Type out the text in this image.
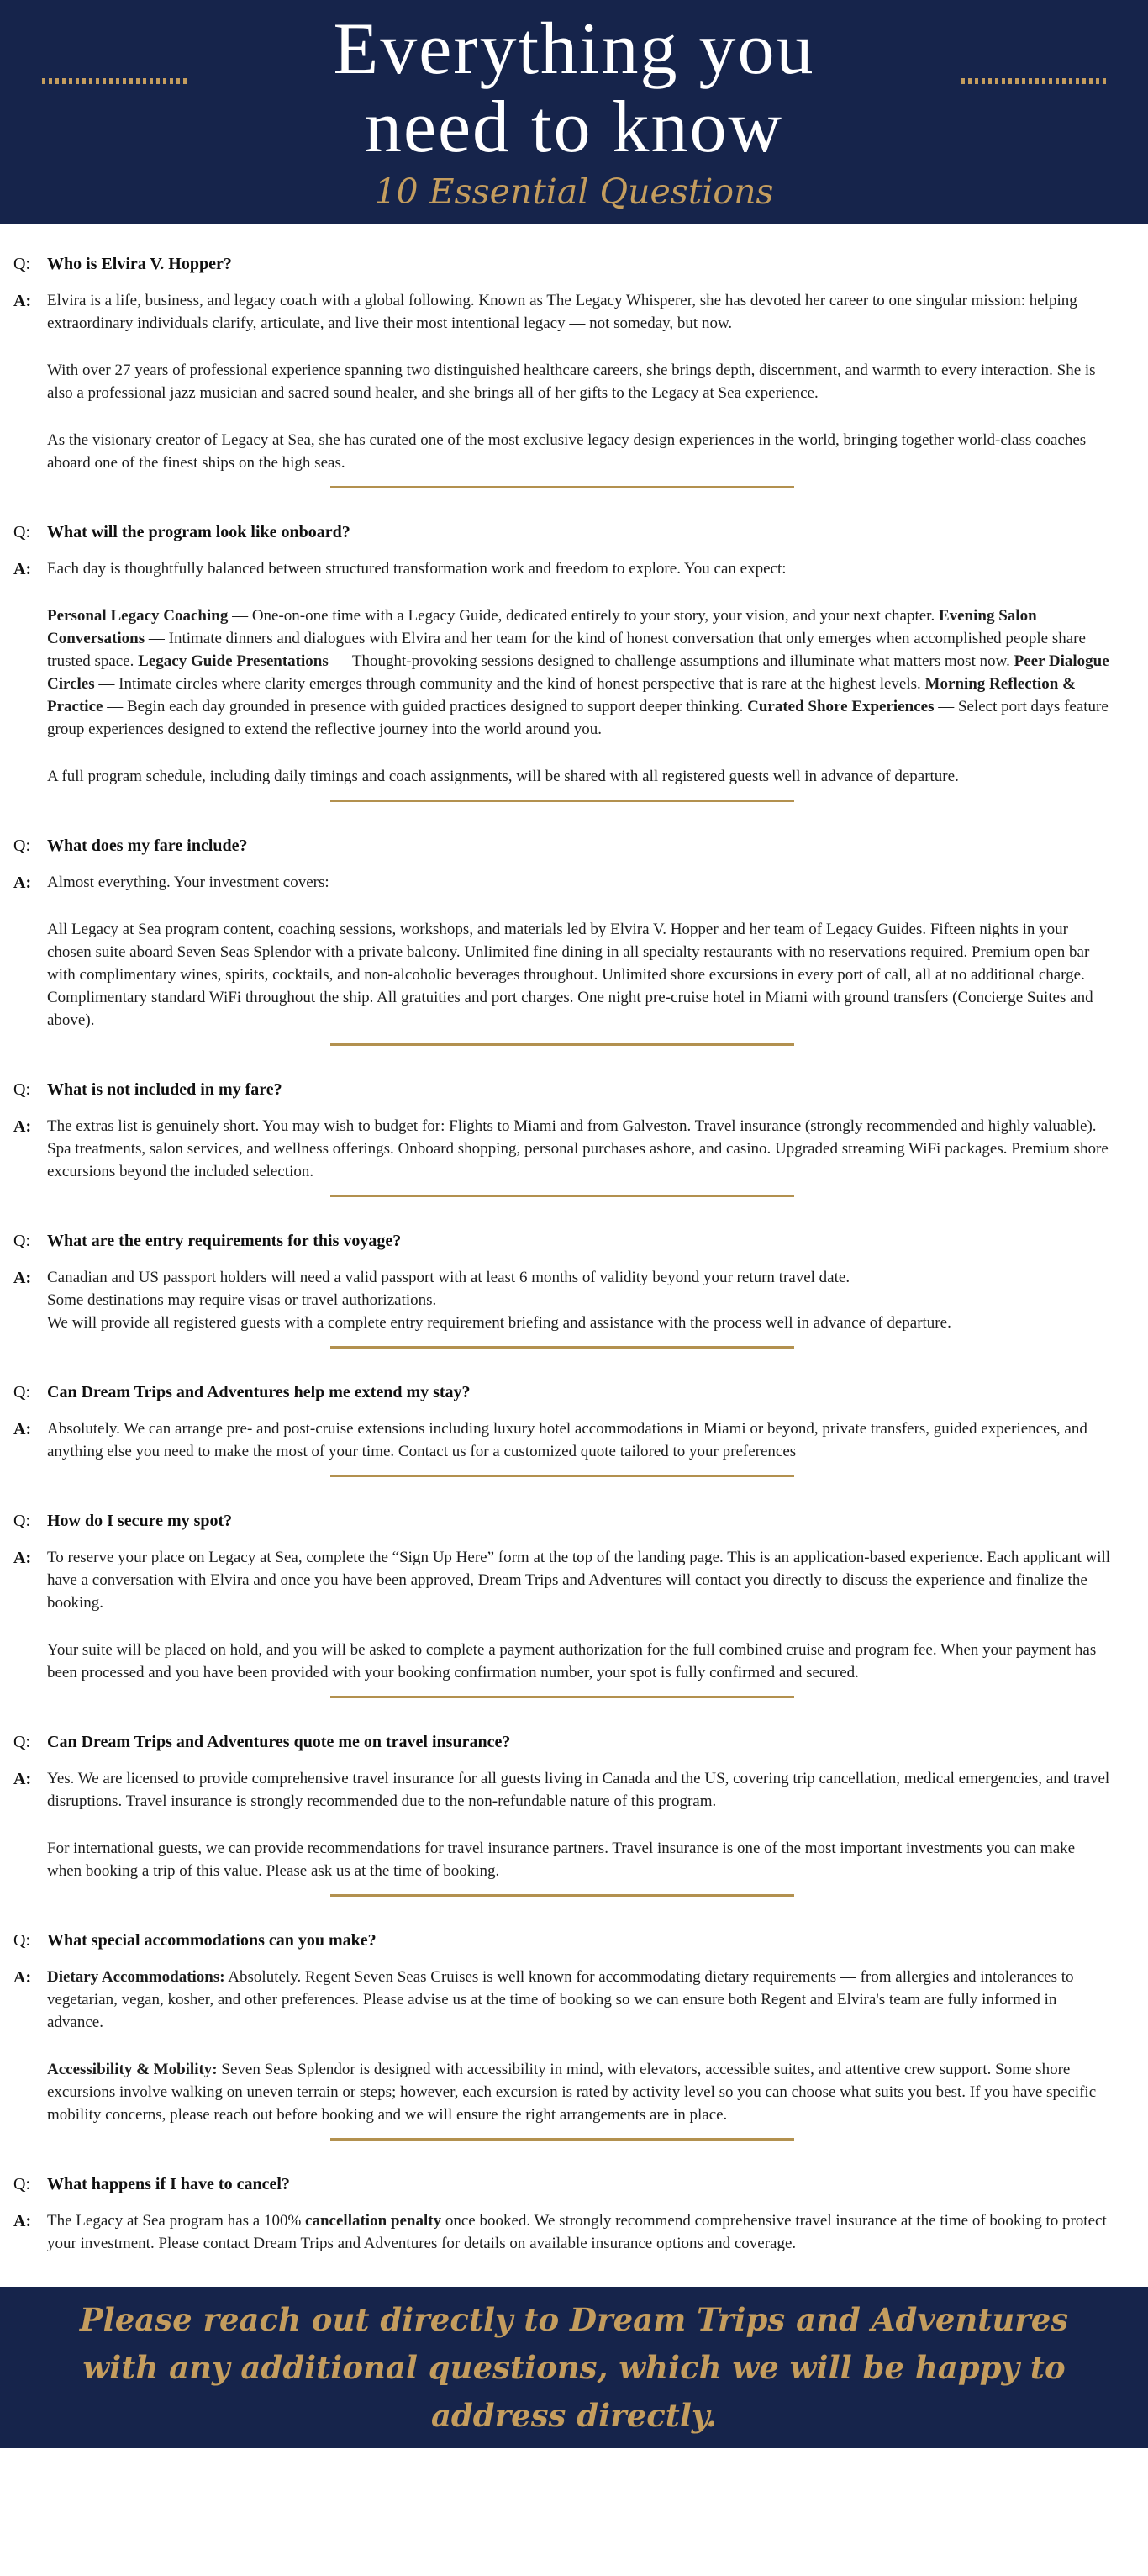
Everything you
need to know

10 Essential Questions

Q:	Who is Elvira V. Hopper?
A: Elvira is a life, business, and legacy coach with a global following. Known as The Legacy Whisperer, she has devoted her career to one singular mission: helping extraordinary individuals clarify, articulate, and live their most intentional legacy — not someday, but now.

With over 27 years of professional experience spanning two distinguished healthcare careers, she brings depth, discernment, and warmth to every interaction. She is also a professional jazz musician and sacred sound healer, and she brings all of her gifts to the Legacy at Sea experience.

As the visionary creator of Legacy at Sea, she has curated one of the most exclusive legacy design experiences in the world, bringing together world-class coaches aboard one of the finest ships on the high seas.

Q:	What will the program look like onboard?
A: Each day is thoughtfully balanced between structured transformation work and freedom to explore. You can expect:

Personal Legacy Coaching — One-on-one time with a Legacy Guide, dedicated entirely to your story, your vision, and your next chapter. Evening Salon Conversations — Intimate dinners and dialogues with Elvira and her team for the kind of honest conversation that only emerges when accomplished people share trusted space. Legacy Guide Presentations — Thought-provoking sessions designed to challenge assumptions and illuminate what matters most now. Peer Dialogue Circles — Intimate circles where clarity emerges through community and the kind of honest perspective that is rare at the highest levels. Morning Reflection & Practice — Begin each day grounded in presence with guided practices designed to support deeper thinking. Curated Shore Experiences — Select port days feature group experiences designed to extend the reflective journey into the world around you.

A full program schedule, including daily timings and coach assignments, will be shared with all registered guests well in advance of departure.

Q:	What does my fare include?
A: Almost everything. Your investment covers:

All Legacy at Sea program content, coaching sessions, workshops, and materials led by Elvira V. Hopper and her team of Legacy Guides. Fifteen nights in your chosen suite aboard Seven Seas Splendor with a private balcony. Unlimited fine dining in all specialty restaurants with no reservations required. Premium open bar with complimentary wines, spirits, cocktails, and non-alcoholic beverages throughout. Unlimited shore excursions in every port of call, all at no additional charge. Complimentary standard WiFi throughout the ship. All gratuities and port charges. One night pre-cruise hotel in Miami with ground transfers (Concierge Suites and above).

Q:	What is not included in my fare?
A: The extras list is genuinely short. You may wish to budget for: Flights to Miami and from Galveston. Travel insurance (strongly recommended and highly valuable). Spa treatments, salon services, and wellness offerings. Onboard shopping, personal purchases ashore, and casino. Upgraded streaming WiFi packages. Premium shore excursions beyond the included selection.

Q:	What are the entry requirements for this voyage?
A: Canadian and US passport holders will need a valid passport with at least 6 months of validity beyond your return travel date.

Some destinations may require visas or travel authorizations.

We will provide all registered guests with a complete entry requirement briefing and assistance with the process well in advance of departure.

Q:	Can Dream Trips and Adventures help me extend my stay?
A: Absolutely. We can arrange pre- and post-cruise extensions including luxury hotel accommodations in Miami or beyond, private transfers, guided experiences, and anything else you need to make the most of your time. Contact us for a customized quote tailored to your preferences

Q:	How do I secure my spot?
A: To reserve your place on Legacy at Sea, complete the “Sign Up Here” form at the top of the landing page. This is an application-based experience. Each applicant will have a conversation with Elvira and once you have been approved, Dream Trips and Adventures will contact you directly to discuss the experience and finalize the booking.

Your suite will be placed on hold, and you will be asked to complete a payment authorization for the full combined cruise and program fee. When your payment has been processed and you have been provided with your booking confirmation number, your spot is fully confirmed and secured.

Q:	Can Dream Trips and Adventures quote me on travel insurance?
A: Yes. We are licensed to provide comprehensive travel insurance for all guests living in Canada and the US, covering trip cancellation, medical emergencies, and travel disruptions. Travel insurance is strongly recommended due to the non-refundable nature of this program.

For international guests, we can provide recommendations for travel insurance partners. Travel insurance is one of the most important investments you can make when booking a trip of this value. Please ask us at the time of booking.

Q:	What special accommodations can you make?
A: Dietary Accommodations: Absolutely. Regent Seven Seas Cruises is well known for accommodating dietary requirements — from allergies and intolerances to vegetarian, vegan, kosher, and other preferences. Please advise us at the time of booking so we can ensure both Regent and Elvira's team are fully informed in advance.

Accessibility & Mobility: Seven Seas Splendor is designed with accessibility in mind, with elevators, accessible suites, and attentive crew support. Some shore excursions involve walking on uneven terrain or steps; however, each excursion is rated by activity level so you can choose what suits you best. If you have specific mobility concerns, please reach out before booking and we will ensure the right arrangements are in place.

Q:	What happens if I have to cancel?
A: The Legacy at Sea program has a 100% cancellation penalty once booked. We strongly recommend comprehensive travel insurance at the time of booking to protect your investment. Please contact Dream Trips and Adventures for details on available insurance options and coverage.

Please reach out directly to Dream Trips and Adventures with any additional questions, which we will be happy to address directly.
